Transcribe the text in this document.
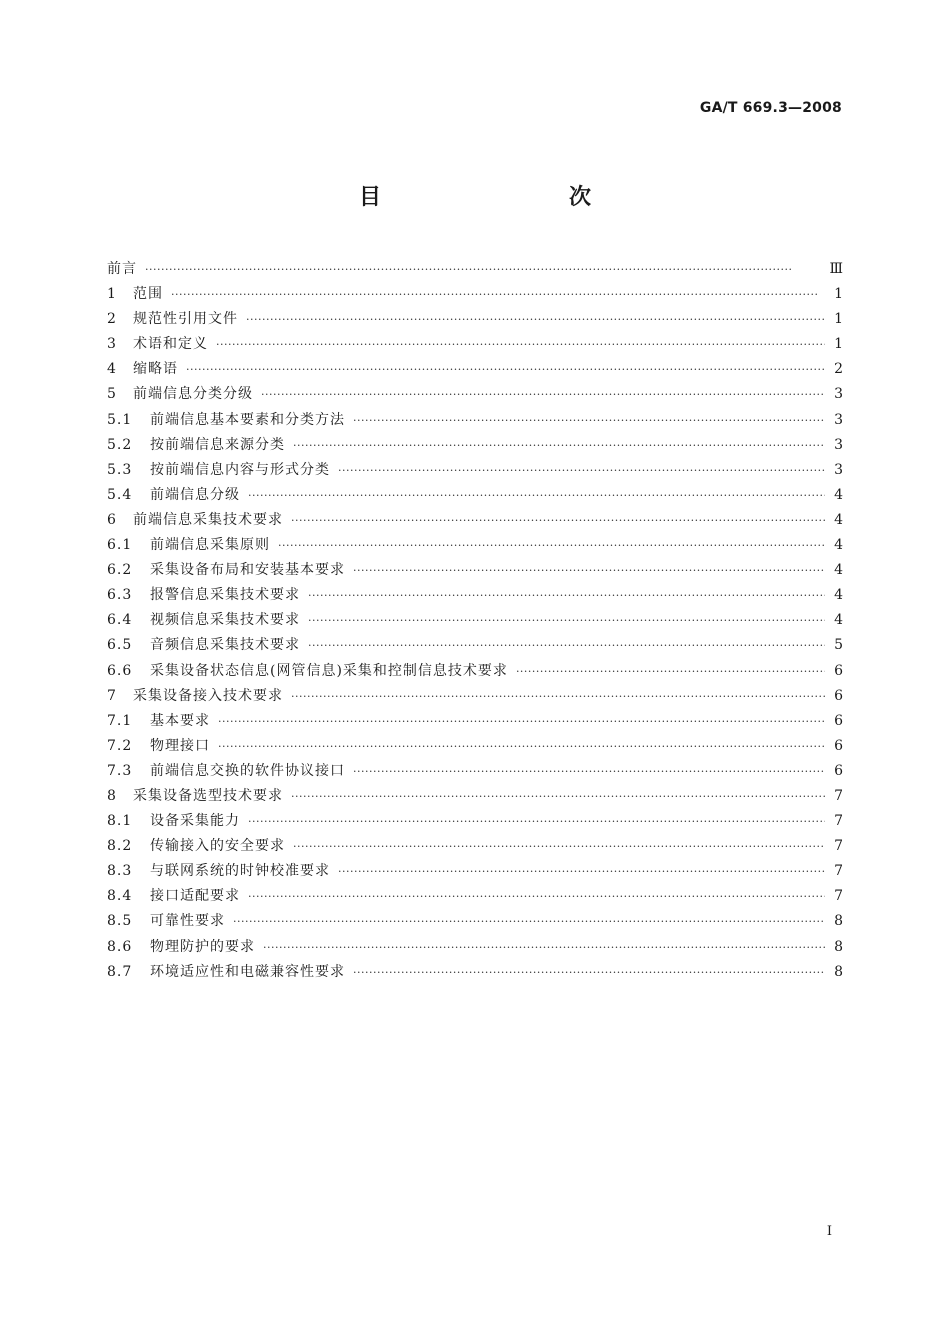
GA/T 669.3—2008
目　　次
前言 ·····	Ⅲ
1	范围 ·····	1
2	规范性引用文件 ·····	1
3	术语和定义 ·····	1
4	缩略语 ·····	2
5	前端信息分类分级 ·····	3
5.1	前端信息基本要素和分类方法 ·····	3
5.2	按前端信息来源分类 ·····	3
5.3	按前端信息内容与形式分类 ·····	3
5.4	前端信息分级 ·····	4
6	前端信息采集技术要求 ·····	4
6.1	前端信息采集原则 ·····	4
6.2	采集设备布局和安装基本要求 ·····	4
6.3	报警信息采集技术要求 ·····	4
6.4	视频信息采集技术要求 ·····	4
6.5	音频信息采集技术要求 ·····	5
6.6	采集设备状态信息(网管信息)采集和控制信息技术要求 ·····	6
7	采集设备接入技术要求 ·····	6
7.1	基本要求 ·····	6
7.2	物理接口 ·····	6
7.3	前端信息交换的软件协议接口 ·····	6
8	采集设备选型技术要求 ·····	7
8.1	设备采集能力 ·····	7
8.2	传输接入的安全要求 ·····	7
8.3	与联网系统的时钟校准要求 ·····	7
8.4	接口适配要求 ·····	7
8.5	可靠性要求 ·····	8
8.6	物理防护的要求 ·····	8
8.7	环境适应性和电磁兼容性要求 ·····	8
I
